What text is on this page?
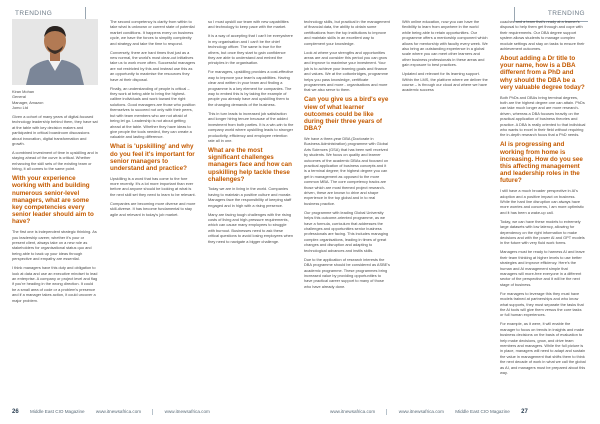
TRENDING	TRENDING
Kiran Mohan
General
Manager, Amazon
Jomo Ltd

Given a cohort of many years of digital-focused technology leadership behind them, they have sat at the table with key decision makers and participated in critical boardroom discussions about innovation, digital transformation and growth.

A combined investment of time in upskilling and in staying ahead of the curve is critical. Whether enhancing the skill sets of the existing team or hiring, it all comes to the same point.

With your experience working with and building numerous senior-level managers, what are some key competencies every senior leader should aim to have?

The first one is independent strategic thinking. As you leadership career, whether it's your or present client, always take on a new role as stakeholders for organisational status quo and being able to back up your ideas through perspective and empathy are essential.

I think managers have this duty and obligation to look at data and use an executive mindset to lead an enterprise. A company or project level and flag if you're heading in the wrong direction. It could be a small area of code or a problem's presence and if a manager takes action, it could uncover a major problem.

The second competency is clarity from within to take what is unknown or current state of potential market conditions. It happens every on business cycle, we have the forces to simplify complexity and strategy and take the time to respond.

Conversely, there are hard times that just as a new normal, the world's most clear-cut initiatives take us to work more often. Successful managers are not restricted by this and instead use this as an opportunity to maximise the resources they have at their disposal.

Finally, an understanding of people is critical – they work at being able to bring the highest-calibre individuals and work toward the right solutions. Good managers are those who position themselves to succeed not only with their peers, but with team members who are not afraid of being let go. Leadership is not about getting ahead at the table. Whether they have ideas to give people the tools needed, they can create a valuable and lasting difference.

What is 'upskilling' and why do you feel it's important for senior managers to understand and practice?

Upskilling is a word that has come to the fore more recently. It's a lot more important than ever before and anyone should be looking at what is the next skill set they need to learn to be relevant.

Companies are becoming more diverse and more skill-diverse. It has become fundamental to stay agile and relevant in today's job market.

so I must upskill our team with new capabilities and technology to keep pace with the market.

It is a way of accepting that I can't be everywhere in my organisation and I can't be the chief technology officer. The same is true for the others, but once they start to gain confidence they are able to understand and embed the principles in the organisation.

For managers, upskilling provides a cost-effective way to improve your team's capabilities. Having clear and written in your team and finding a programme is a key element for companies. The way to embed this is by taking the example of people you already have and upskilling them to the changing demands of the business.

This in turn leads to increased job satisfaction and longer hiring tenure because of the added investment from both parties. It is a win-win to the company world where upskilling leads to stronger productivity, efficiency and employee retention rate all in one.

What are the most significant challenges managers face and how can upskilling help tackle these challenges?

Today we are in living in the world. Companies having to maintain a positive culture and morale. Managers face the responsibility of keeping staff engaged and in high with a rising presence.

Many are facing tough challenges with the rising costs of living and high-pressure requirements, which can cause many employees to struggle with burnout. Businesses need to ask these critical questions to avoid losing employees when they need to navigate a bigger challenge.

technology skills, but practical in the management of financial data, the ability to obtain some certifications from the top institutions to improve and maintain skills in an excellent way to complement your knowledge.

Look at where your strengths and opportunities areas are and consider this period you can grow and improve to maximise your investment. Your job is to achieve your learning goals and finance and values. We at the cottonbridges, programme helps you pass knowledge, certificate programmes and more - organisations and more that we also serve to them.

Can you give us a bird's eye view of what learner outcomes could be like during their three years of DBA?

We have a three-year DBA (Doctorate in Business Administration) programme with Global Arts Sciences (GSA) that has been well received by students. We focus on quality and learner outcomes of the academic DBAs and focused on practical application of business concepts and it is a terminal degree; the highest degree you can get in management as opposed to the more common MBA. The core competency tracks are those which are most themed project research-driven, these are known to drive and shape experience in the top global and in to real business practice.

Our programme with leading Global University helps this outcome-oriented programme, as we have a formula, curriculum that addresses the challenges and opportunities senior business professionals are facing. This includes managing complex organisations, leading in times of great changes and disruption and adapting to technological advances and instils skills.

Due to the application of research interests the DBA programme should be considered as ASBE's academic programme. These programmes bring increased value by providing opportunities to have practical career support to many of those who have already done.

With online education, now you can have the flexibility to learn from anywhere in the world while being able to retain opportunities. Our programme offers a mentorship component which allows for mentorship with faculty every week. We also bring an outstanding experience in a global scale where you can meet other learners and other business professionals in these areas and gain exposure to best practices.

Updated and relevant for its learning support. Within the LMS, the platform where we deliver the course – is through our cloud and where we have academic success

coaches and a team that's ready at a learner's disposal to help them get through and cope with their requirements. Our DBA degree support system allows students to manage complex module settings and stay on tasks to ensure their achievement outcomes.

About adding a Dr title to your name, how is a DBA different from a PhD and why should the DBA be a very valuable degree today?

Both PhDs and DBAs bring terminal degrees, both are the highest degree one can attain. PhDs can take much longer and are more research-driven, whereas a DBA focuses heavily on the practical application of business theories and practice. A DBA is really oriented to that individual who wants to excel in their field without requiring the in-depth research focus that a PhD needs.

AI is progressing and working from home is increasing. How do you see this affecting management and leadership roles in the future?

I still have a much broader perspective in AI's adoption and a positive impact on business. While the hard line disruption can always have more worries and concerns, I am more optimistic and it has been a wake-up call.

Today, we can have these models to extremely large datasets with low latency, allowing for dependency on the right information to make decisions and with the power AI and GPT models in the future with very fluid work forms.

Managers must be ready to harness AI and leave their team thinking at higher levels to use better strategies and improve efficiency. Here's the human and AI management simple that managers will more-free everyone in a different sector of the perspective and it will be the next stage of business.

For managers to leverage this they must have models trained at partnerships and who know what supports, they must separate the tasks that the AI tools will give them versus the core tasks or full human experiences.

For example, as it were, it will enable the manager to focus on trends in insights and make business decisions on the basis of evaluation to help make decisions, grow, and drive team members and managers. While the full picture is in place, managers will need to adapt and sustain the value in management that shifts them to think the next decade of work in what we call the global as AI, and managers must be prepared about this way.

26 Middle East CIO Magazine www.itnewsafrica.com	www.itnewsafrica.com	www.itnewsafrica.com	www.itnewsafrica.com Middle East CIO Magazine 27
